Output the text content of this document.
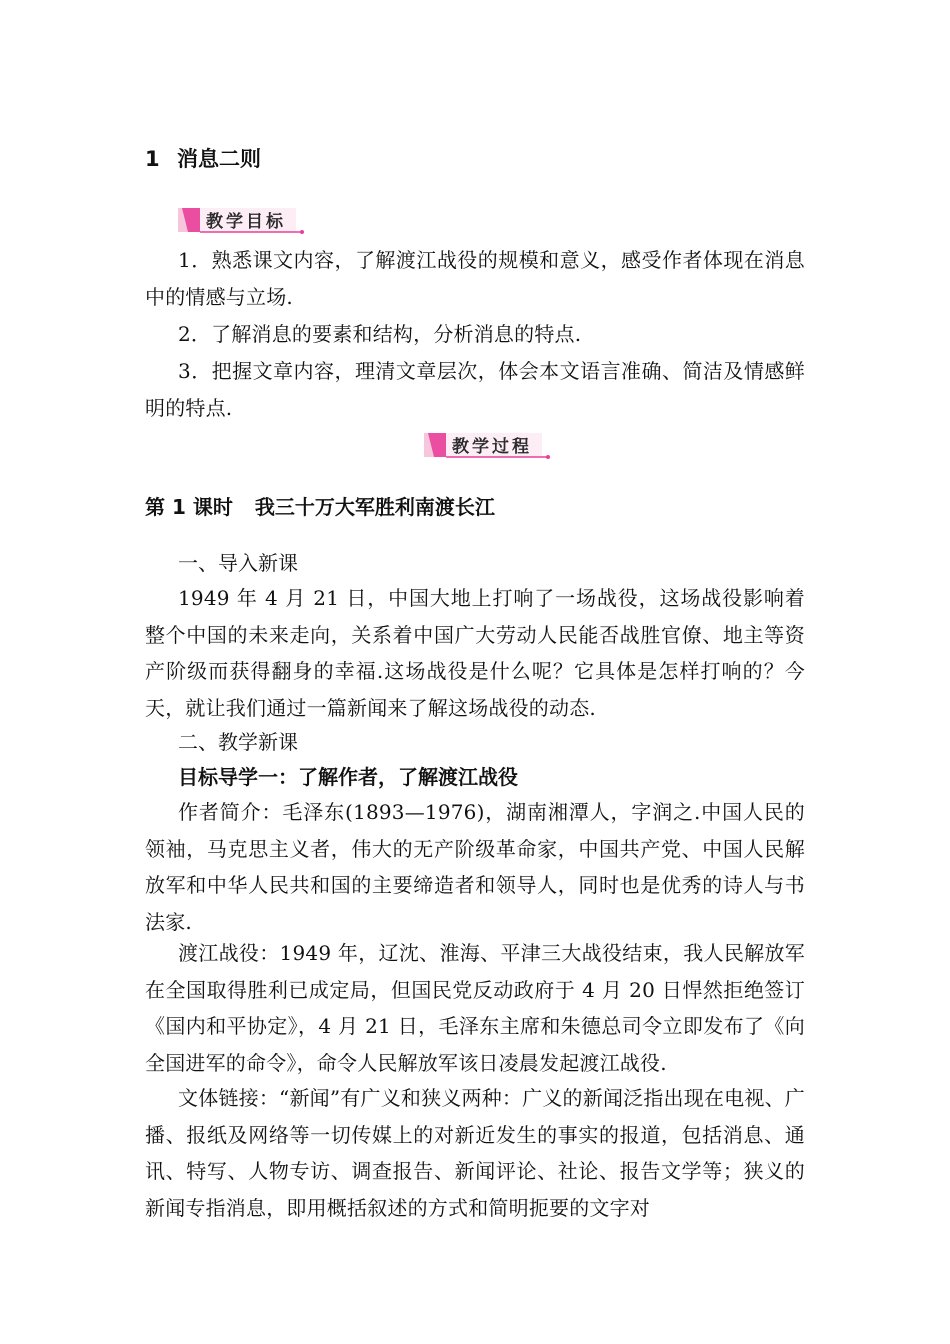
1 消息二则
教学目标
1．熟悉课文内容，了解渡江战役的规模和意义，感受作者体现在消息中的情感与立场.
2．了解消息的要素和结构，分析消息的特点.
3．把握文章内容，理清文章层次，体会本文语言准确、简洁及情感鲜明的特点.
教学过程
第 1 课时 我三十万大军胜利南渡长江
一、导入新课
1949 年 4 月 21 日，中国大地上打响了一场战役，这场战役影响着整个中国的未来走向，关系着中国广大劳动人民能否战胜官僚、地主等资产阶级而获得翻身的幸福.这场战役是什么呢？它具体是怎样打响的？今天，就让我们通过一篇新闻来了解这场战役的动态.
二、教学新课
目标导学一：了解作者，了解渡江战役
作者简介：毛泽东(1893—1976)，湖南湘潭人，字润之.中国人民的领袖，马克思主义者，伟大的无产阶级革命家，中国共产党、中国人民解放军和中华人民共和国的主要缔造者和领导人，同时也是优秀的诗人与书法家.
渡江战役：1949 年，辽沈、淮海、平津三大战役结束，我人民解放军在全国取得胜利已成定局，但国民党反动政府于 4 月 20 日悍然拒绝签订《国内和平协定》，4 月 21 日，毛泽东主席和朱德总司令立即发布了《向全国进军的命令》，命令人民解放军该日凌晨发起渡江战役.
文体链接：“新闻”有广义和狭义两种：广义的新闻泛指出现在电视、广播、报纸及网络等一切传媒上的对新近发生的事实的报道，包括消息、通讯、特写、人物专访、调查报告、新闻评论、社论、报告文学等；狭义的新闻专指消息，即用概括叙述的方式和简明扼要的文字对
